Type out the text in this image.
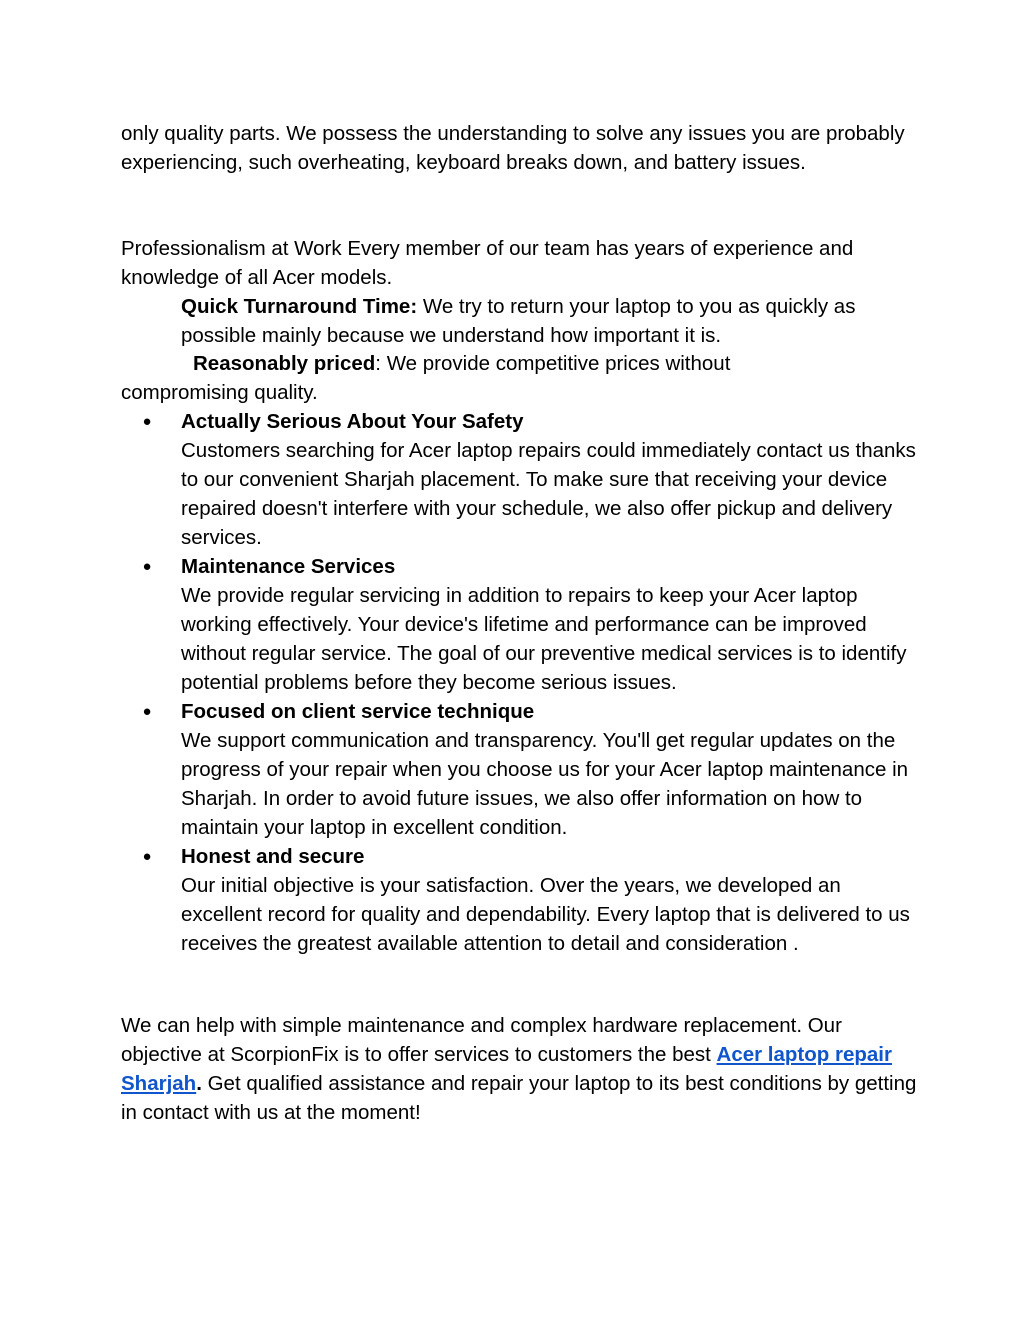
only quality parts. We possess the understanding to solve any issues you are probably experiencing, such overheating, keyboard breaks down, and battery issues.

Professionalism at Work Every member of our team has years of experience and knowledge of all Acer models.

Quick Turnaround Time: We try to return your laptop to you as quickly as possible mainly because we understand how important it is.

Reasonably priced: We provide competitive prices without
compromising quality.

● Actually Serious About Your Safety
Customers searching for Acer laptop repairs could immediately contact us thanks to our convenient Sharjah placement. To make sure that receiving your device repaired doesn't interfere with your schedule, we also offer pickup and delivery services.
● Maintenance Services
We provide regular servicing in addition to repairs to keep your Acer laptop working effectively. Your device's lifetime and performance can be improved without regular service. The goal of our preventive medical services is to identify potential problems before they become serious issues.
● Focused on client service technique
We support communication and transparency. You'll get regular updates on the progress of your repair when you choose us for your Acer laptop maintenance in Sharjah. In order to avoid future issues, we also offer information on how to maintain your laptop in excellent condition.
● Honest and secure
Our initial objective is your satisfaction. Over the years, we developed an excellent record for quality and dependability. Every laptop that is delivered to us receives the greatest available attention to detail and consideration .

We can help with simple maintenance and complex hardware replacement. Our objective at ScorpionFix is to offer services to customers the best Acer laptop repair Sharjah. Get qualified assistance and repair your laptop to its best conditions by getting in contact with us at the moment!
